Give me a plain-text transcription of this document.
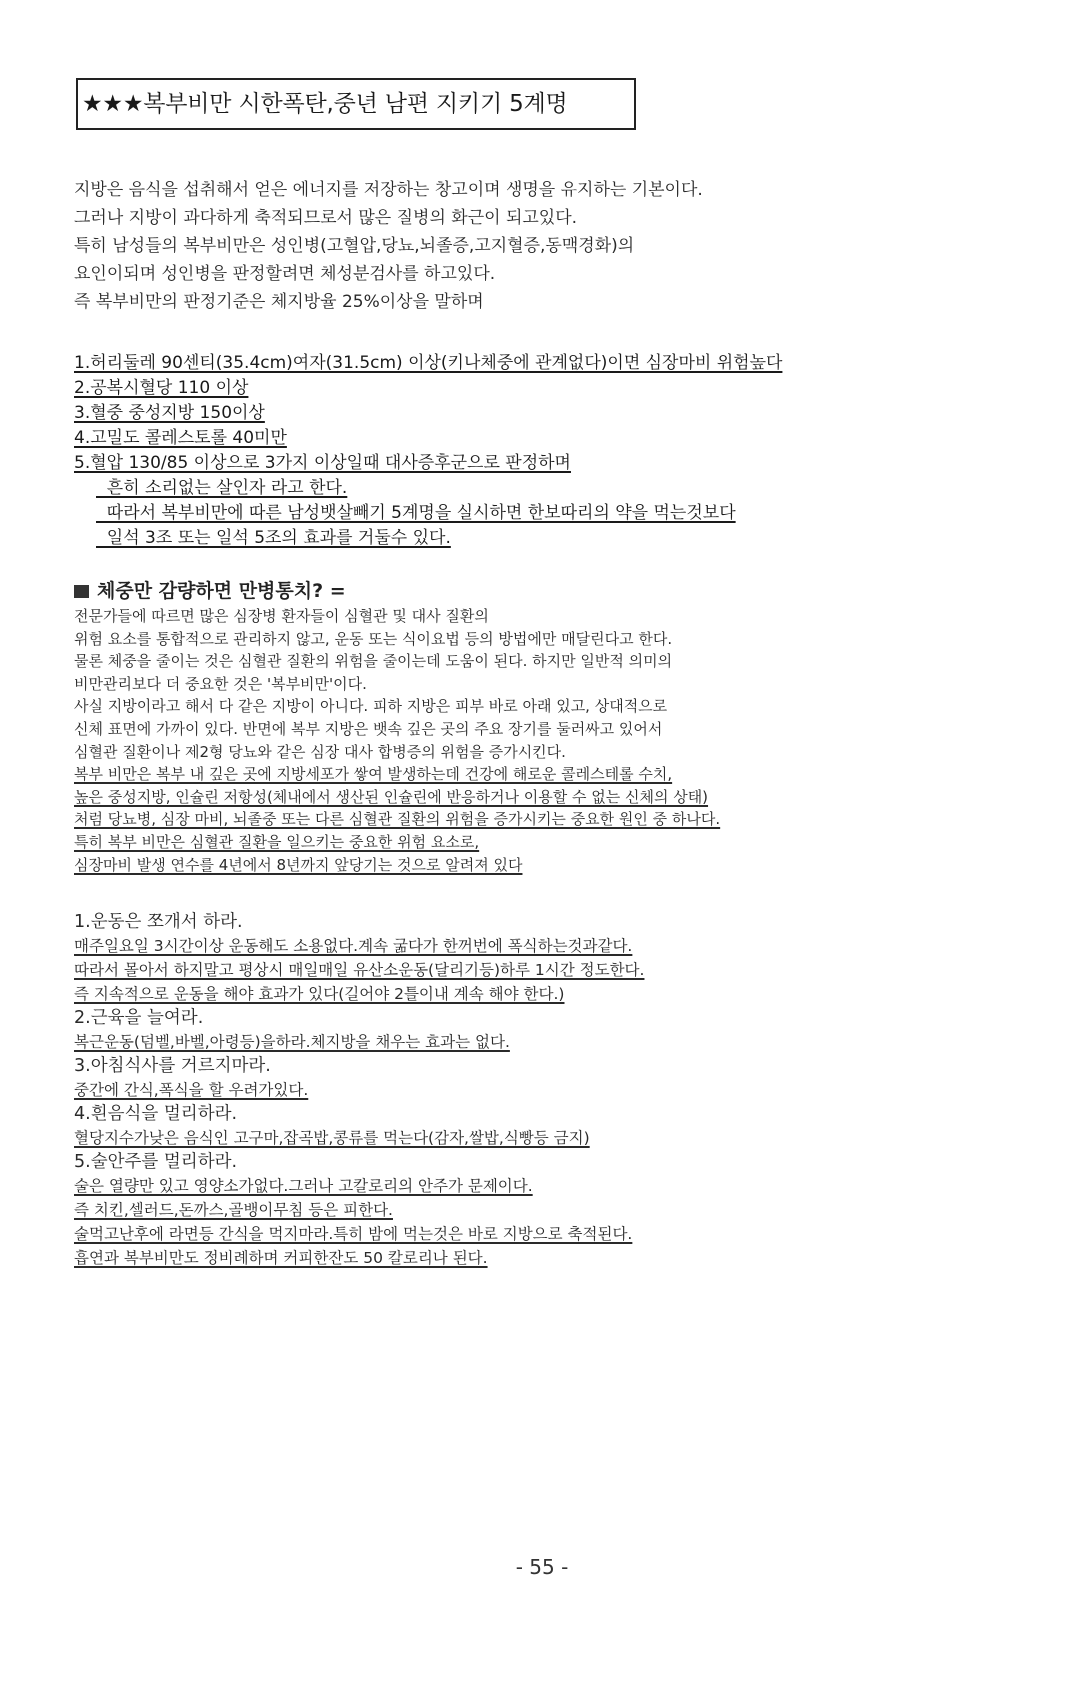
★★★복부비만 시한폭탄,중년 남편 지키기 5계명
지방은 음식을 섭취해서 얻은 에너지를 저장하는 창고이며 생명을 유지하는 기본이다.
그러나 지방이 과다하게 축적되므로서 많은 질병의 화근이 되고있다.
특히 남성들의 복부비만은 성인병(고혈압,당뇨,뇌졸증,고지혈증,동맥경화)의
요인이되며 성인병을 판정할려면 체성분검사를 하고있다.
즉 복부비만의 판정기준은 체지방율 25%이상을 말하며
1.허리둘레 90센티(35.4cm)여자(31.5cm) 이상(키나체중에 관계없다)이면 심장마비 위험높다
2.공복시혈당 110 이상
3.혈중 중성지방 150이상
4.고밀도 콜레스토롤 40미만
5.혈압 130/85 이상으로 3가지 이상일때 대사증후군으로 판정하며
흔히 소리없는 살인자 라고 한다.
따라서 복부비만에 따른 남성뱃살빼기 5계명을 실시하면 한보따리의 약을 먹는것보다
일석 3조 또는 일석 5조의 효과를 거둘수 있다.
체중만 감량하면 만병통치? =
전문가들에 따르면 많은 심장병 환자들이 심혈관 및 대사 질환의
위험 요소를 통합적으로 관리하지 않고, 운동 또는 식이요법 등의 방법에만 매달린다고 한다.
물론 체중을 줄이는 것은 심혈관 질환의 위험을 줄이는데 도움이 된다. 하지만 일반적 의미의
비만관리보다 더 중요한 것은 '복부비만'이다.
사실 지방이라고 해서 다 같은 지방이 아니다. 피하 지방은 피부 바로 아래 있고, 상대적으로
신체 표면에 가까이 있다. 반면에 복부 지방은 뱃속 깊은 곳의 주요 장기를 둘러싸고 있어서
심혈관 질환이나 제2형 당뇨와 같은 심장 대사 합병증의 위험을 증가시킨다.
복부 비만은 복부 내 깊은 곳에 지방세포가 쌓여 발생하는데 건강에 해로운 콜레스테롤 수치,
높은 중성지방, 인슐린 저항성(체내에서 생산된 인슐린에 반응하거나 이용할 수 없는 신체의 상태)
처럼 당뇨병, 심장 마비, 뇌졸중 또는 다른 심혈관 질환의 위험을 증가시키는 중요한 원인 중 하나다.
특히 복부 비만은 심혈관 질환을 일으키는 중요한 위험 요소로,
심장마비 발생 연수를 4년에서 8년까지 앞당기는 것으로 알려져 있다
1.운동은 쪼개서 하라.
매주일요일 3시간이상 운동해도 소용없다.계속 굶다가 한꺼번에 폭식하는것과같다.
따라서 몰아서 하지말고 평상시 매일매일 유산소운동(달리기등)하루 1시간 정도한다.
즉 지속적으로 운동을 해야 효과가 있다(길어야 2틀이내 계속 해야 한다.)
2.근육을 늘여라.
복근운동(덤벨,바벨,아령등)을하라.체지방을 채우는 효과는 없다.
3.아침식사를 거르지마라.
중간에 간식,폭식을 할 우려가있다.
4.흰음식을 멀리하라.
혈당지수가낮은 음식인 고구마,잡곡밥,콩류를 먹는다(감자,쌀밥,식빵등 금지)
5.술안주를 멀리하라.
술은 열량만 있고 영양소가없다.그러나 고칼로리의 안주가 문제이다.
즉 치킨,셀러드,돈까스,골뱅이무침 등은 피한다.
술먹고난후에 라면등 간식을 먹지마라.특히 밤에 먹는것은 바로 지방으로 축적된다.
흡연과 복부비만도 정비례하며 커피한잔도 50 칼로리나 된다.
- 55 -
